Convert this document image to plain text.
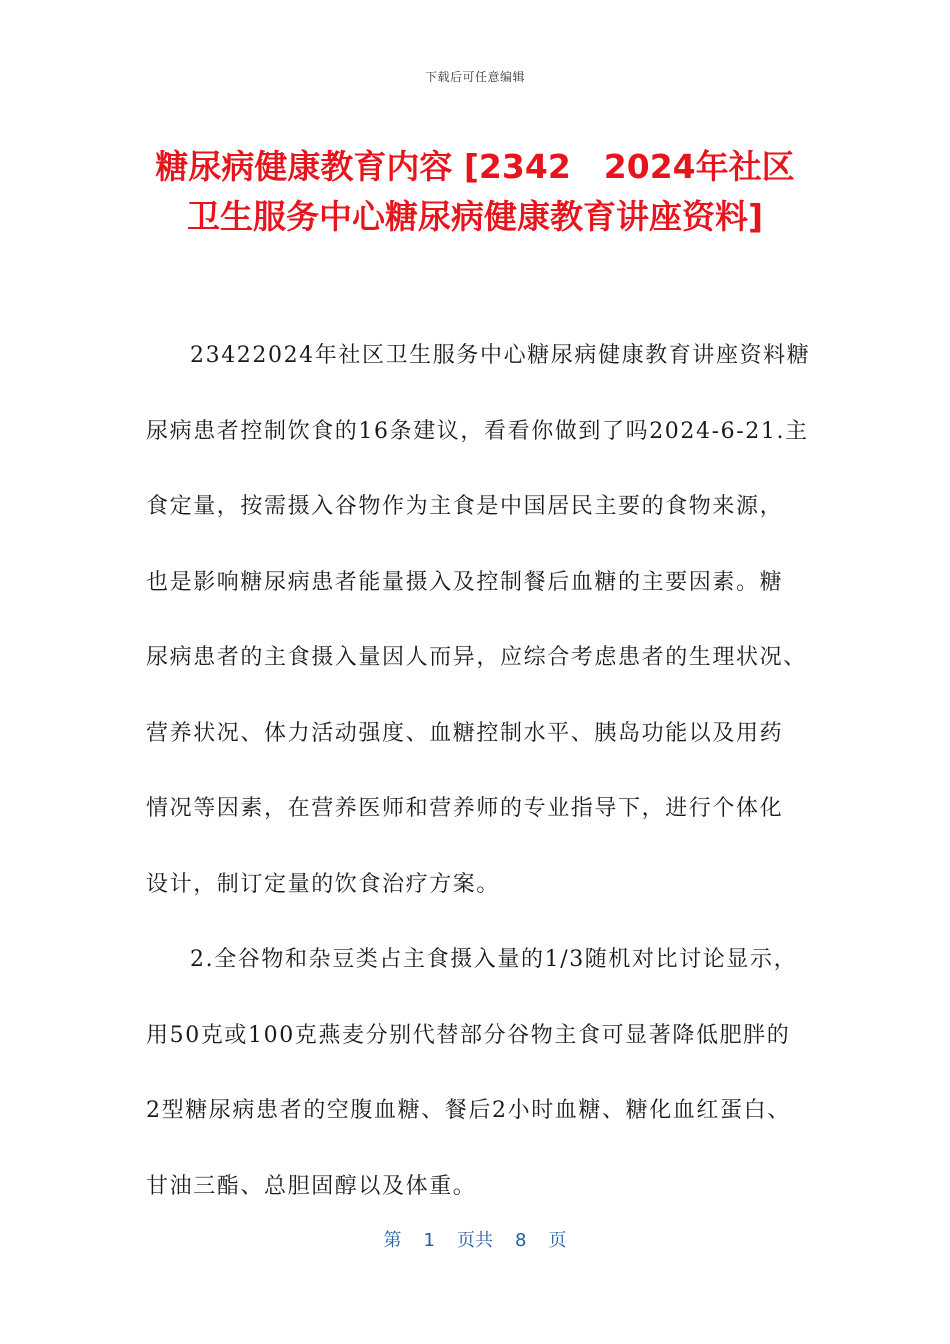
下载后可任意编辑
糖尿病健康教育内容 [2342　2024年社区
卫生服务中心糖尿病健康教育讲座资料]
23422024年社区卫生服务中心糖尿病健康教育讲座资料糖
尿病患者控制饮食的16条建议，看看你做到了吗2024-6-21.主
食定量，按需摄入谷物作为主食是中国居民主要的食物来源，
也是影响糖尿病患者能量摄入及控制餐后血糖的主要因素。糖
尿病患者的主食摄入量因人而异，应综合考虑患者的生理状况、
营养状况、体力活动强度、血糖控制水平、胰岛功能以及用药
情况等因素，在营养医师和营养师的专业指导下，进行个体化
设计，制订定量的饮食治疗方案。
2.全谷物和杂豆类占主食摄入量的1/3随机对比讨论显示，
用50克或100克燕麦分别代替部分谷物主食可显著降低肥胖的
2型糖尿病患者的空腹血糖、餐后2小时血糖、糖化血红蛋白、
甘油三酯、总胆固醇以及体重。
第 1 页共 8 页
